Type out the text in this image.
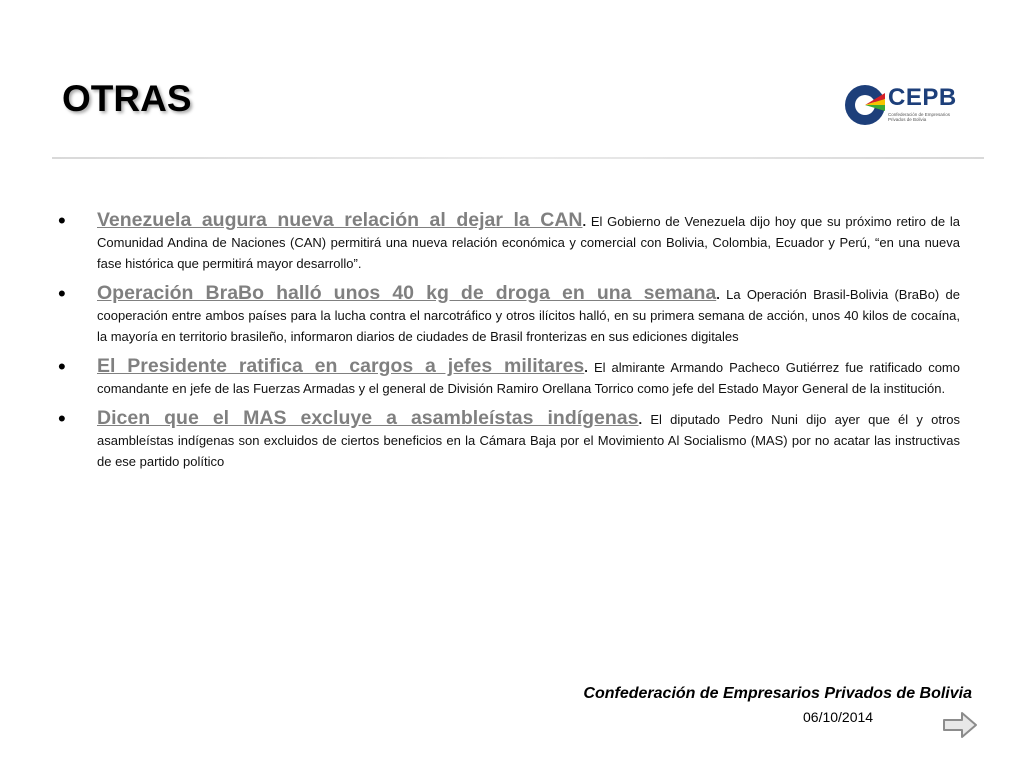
OTRAS	CEPB
Confederación de Empresarios Privados de Bolivia
• Venezuela augura nueva relación al dejar la CAN. El Gobierno de Venezuela dijo hoy que su próximo retiro de la Comunidad Andina de Naciones (CAN) permitirá una nueva relación económica y comercial con Bolivia, Colombia, Ecuador y Perú, “en una nueva fase histórica que permitirá mayor desarrollo”.
• Operación BraBo halló unos 40 kg de droga en una semana. La Operación Brasil-Bolivia (BraBo) de cooperación entre ambos países para la lucha contra el narcotráfico y otros ilícitos halló, en su primera semana de acción, unos 40 kilos de cocaína, la mayoría en territorio brasileño, informaron diarios de ciudades de Brasil fronterizas en sus ediciones digitales
• El Presidente ratifica en cargos a jefes militares. El almirante Armando Pacheco Gutiérrez fue ratificado como comandante en jefe de las Fuerzas Armadas y el general de División Ramiro Orellana Torrico como jefe del Estado Mayor General de la institución.
• Dicen que el MAS excluye a asambleístas indígenas. El diputado Pedro Nuni dijo ayer que él y otros asambleístas indígenas son excluidos de ciertos beneficios en la Cámara Baja por el Movimiento Al Socialismo (MAS) por no acatar las instructivas de ese partido político
Confederación de Empresarios Privados de Bolivia
06/10/2014
